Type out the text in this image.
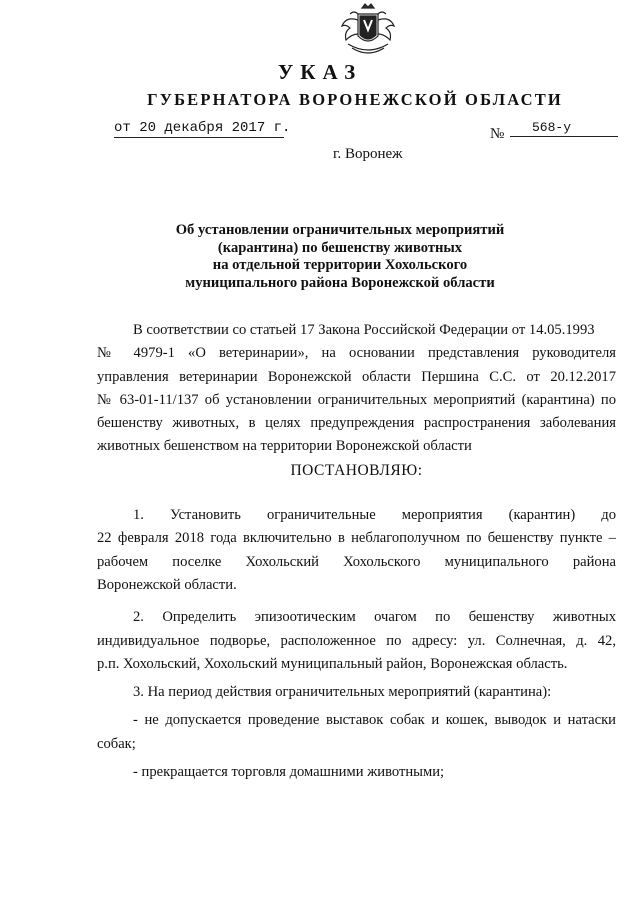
УКАЗ
ГУБЕРНАТОРА ВОРОНЕЖСКОЙ ОБЛАСТИ
от 20 декабря 2017 г.	№	568-у
г. Воронеж
Об установлении ограничительных мероприятий
(карантина) по бешенству животных
на отдельной территории Хохольского
муниципального района Воронежской области
В соответствии со статьей 17 Закона Российской Федерации от 14.05.1993
№ 4979-1 «О ветеринарии», на основании представления руководителя
управления ветеринарии Воронежской области Першина С.С. от 20.12.2017
№ 63-01-11/137 об установлении ограничительных мероприятий (карантина) по
бешенству животных, в целях предупреждения распространения заболевания
животных бешенством на территории Воронежской области
ПОСТАНОВЛЯЮ:
1. Установить ограничительные мероприятия (карантин) до
22 февраля 2018 года включительно в неблагополучном по бешенству пункте –
рабочем поселке Хохольский Хохольского муниципального района
Воронежской области.
2. Определить эпизоотическим очагом по бешенству животных
индивидуальное подворье, расположенное по адресу: ул. Солнечная, д. 42,
р.п. Хохольский, Хохольский муниципальный район, Воронежская область.
3. На период действия ограничительных мероприятий (карантина):
- не допускается проведение выставок собак и кошек, выводок и натаски
собак;
- прекращается торговля домашними животными;
